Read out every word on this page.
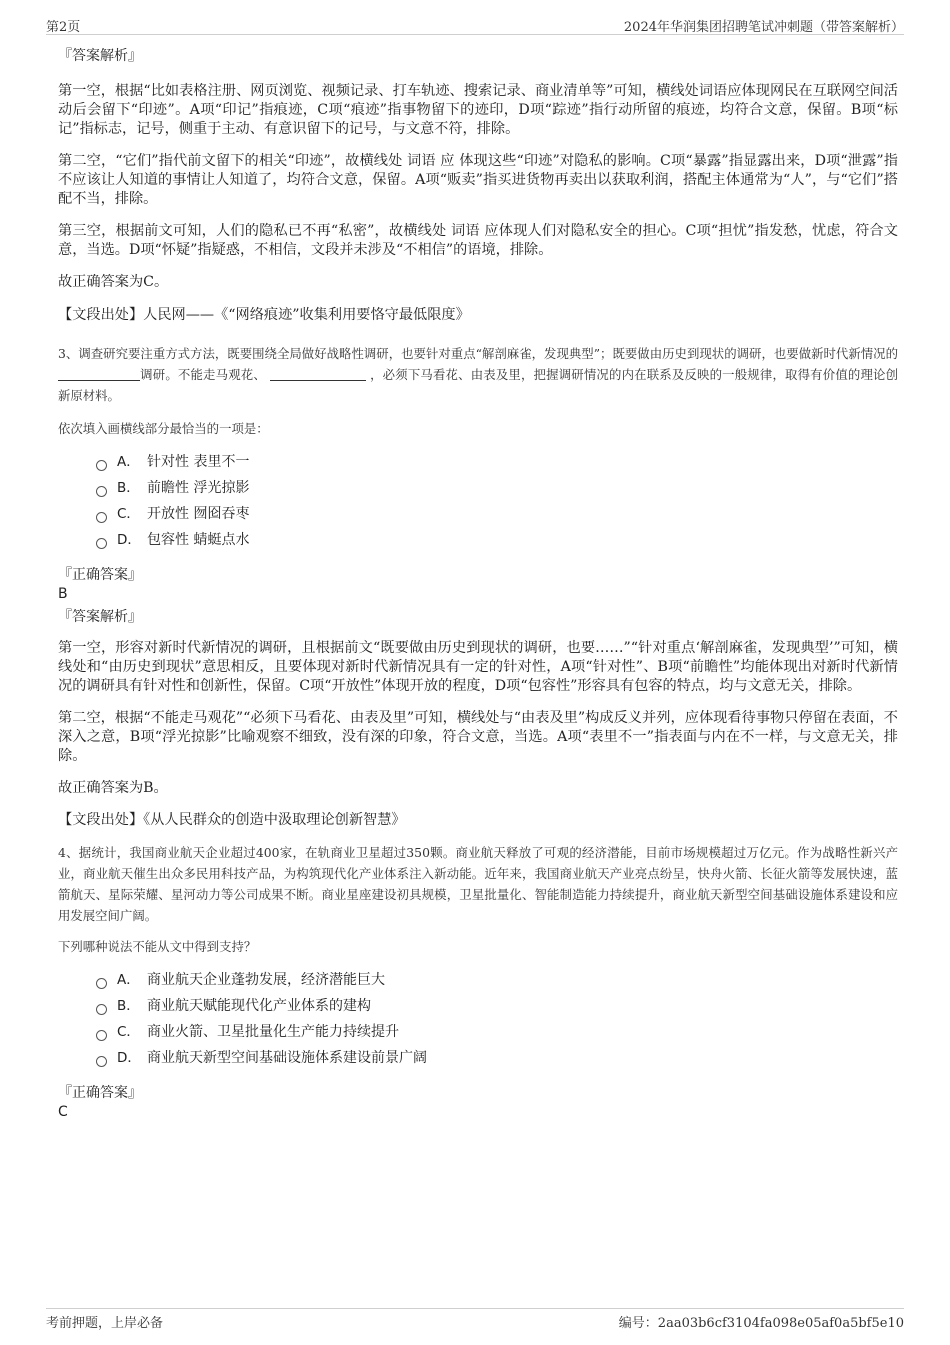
第2页	2024年华润集团招聘笔试冲刺题（带答案解析）

『答案解析』

第一空，根据“比如表格注册、网页浏览、视频记录、打车轨迹、搜索记录、商业清单等”可知，横线处词语应体现网民在互联网空间活动后会留下“印迹”。A项“印记”指痕迹，C项“痕迹”指事物留下的迹印，D项“踪迹”指行动所留的痕迹，均符合文意，保留。B项“标记”指标志，记号，侧重于主动、有意识留下的记号，与文意不符，排除。

第二空，“它们”指代前文留下的相关“印迹”，故横线处 词语 应 体现这些“印迹”对隐私的影响。C项“暴露”指显露出来，D项“泄露”指不应该让人知道的事情让人知道了，均符合文意，保留。A项“贩卖”指买进货物再卖出以获取利润，搭配主体通常为“人”，与“它们”搭配不当，排除。

第三空，根据前文可知，人们的隐私已不再“私密”，故横线处 词语 应体现人们对隐私安全的担心。C项“担忧”指发愁，忧虑，符合文意，当选。D项“怀疑”指疑惑，不相信，文段并未涉及“不相信”的语境，排除。

故正确答案为C。

【文段出处】人民网——《“网络痕迹”收集利用要恪守最低限度》

3、调查研究要注重方式方法，既要围绕全局做好战略性调研，也要针对重点“解剖麻雀，发现典型”；既要做由历史到现状的调研，也要做新时代新情况的调研。不能走马观花、	，必须下马看花、由表及里，把握调研情况的内在联系及反映的一般规律，取得有价值的理论创新原材料。

依次填入画横线部分最恰当的一项是：

A． 针对性 表里不一
B． 前瞻性 浮光掠影
C． 开放性 囫囵吞枣
D． 包容性 蜻蜓点水

『正确答案』

B

『答案解析』

第一空，形容对新时代新情况的调研，且根据前文“既要做由历史到现状的调研，也要……”“针对重点‘解剖麻雀，发现典型’”可知，横线处和“由历史到现状”意思相反，且要体现对新时代新情况具有一定的针对性，A项“针对性”、B项“前瞻性”均能体现出对新时代新情况的调研具有针对性和创新性，保留。C项“开放性”体现开放的程度，D项“包容性”形容具有包容的特点，均与文意无关，排除。

第二空，根据“不能走马观花”“必须下马看花、由表及里”可知，横线处与“由表及里”构成反义并列，应体现看待事物只停留在表面，不深入之意，B项“浮光掠影”比喻观察不细致，没有深的印象，符合文意，当选。A项“表里不一”指表面与内在不一样，与文意无关，排除。

故正确答案为B。

【文段出处】《从人民群众的创造中汲取理论创新智慧》

4、据统计，我国商业航天企业超过400家，在轨商业卫星超过350颗。商业航天释放了可观的经济潜能，目前市场规模超过万亿元。作为战略性新兴产业，商业航天催生出众多民用科技产品，为构筑现代化产业体系注入新动能。近年来，我国商业航天产业亮点纷呈，快舟火箭、长征火箭等发展快速，蓝箭航天、星际荣耀、星河动力等公司成果不断。商业星座建设初具规模，卫星批量化、智能制造能力持续提升，商业航天新型空间基础设施体系建设和应用发展空间广阔。

下列哪种说法不能从文中得到支持？

A． 商业航天企业蓬勃发展，经济潜能巨大
B． 商业航天赋能现代化产业体系的建构
C． 商业火箭、卫星批量化生产能力持续提升
D． 商业航天新型空间基础设施体系建设前景广阔

『正确答案』

C

考前押题，上岸必备	编号：2aa03b6cf3104fa098e05af0a5bf5e10
